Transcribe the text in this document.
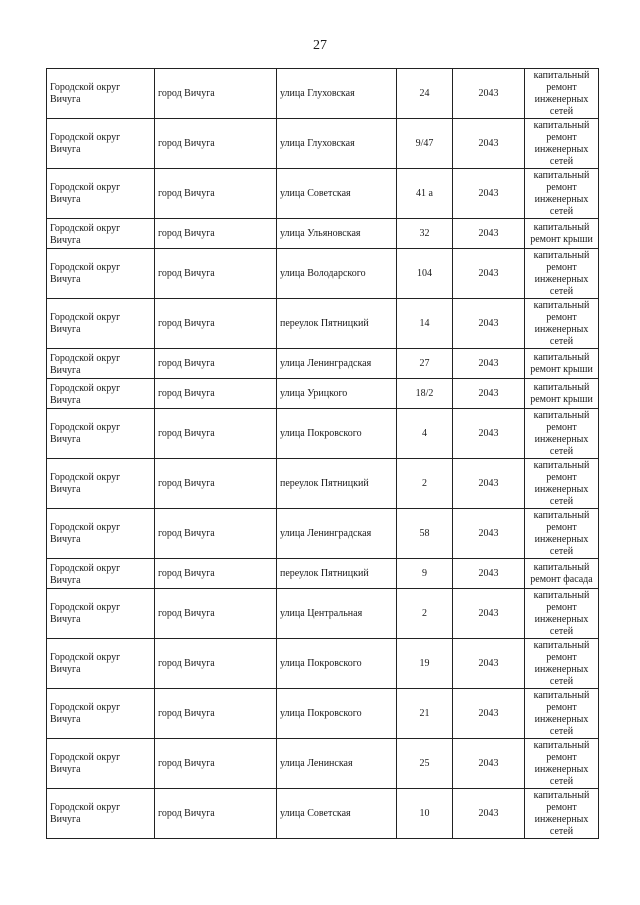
27
Городской округ Вичуга	город Вичуга	улица Глуховская	24	2043	капитальный ремонт инженерных сетей
Городской округ Вичуга	город Вичуга	улица Глуховская	9/47	2043	капитальный ремонт инженерных сетей
Городской округ Вичуга	город Вичуга	улица Советская	41 а	2043	капитальный ремонт инженерных сетей
Городской округ Вичуга	город Вичуга	улица Ульяновская	32	2043	капитальный ремонт крыши
Городской округ Вичуга	город Вичуга	улица Володарского	104	2043	капитальный ремонт инженерных сетей
Городской округ Вичуга	город Вичуга	переулок Пятницкий	14	2043	капитальный ремонт инженерных сетей
Городской округ Вичуга	город Вичуга	улица Ленинградская	27	2043	капитальный ремонт крыши
Городской округ Вичуга	город Вичуга	улица Урицкого	18/2	2043	капитальный ремонт крыши
Городской округ Вичуга	город Вичуга	улица Покровского	4	2043	капитальный ремонт инженерных сетей
Городской округ Вичуга	город Вичуга	переулок Пятницкий	2	2043	капитальный ремонт инженерных сетей
Городской округ Вичуга	город Вичуга	улица Ленинградская	58	2043	капитальный ремонт инженерных сетей
Городской округ Вичуга	город Вичуга	переулок Пятницкий	9	2043	капитальный ремонт фасада
Городской округ Вичуга	город Вичуга	улица Центральная	2	2043	капитальный ремонт инженерных сетей
Городской округ Вичуга	город Вичуга	улица Покровского	19	2043	капитальный ремонт инженерных сетей
Городской округ Вичуга	город Вичуга	улица Покровского	21	2043	капитальный ремонт инженерных сетей
Городской округ Вичуга	город Вичуга	улица Ленинская	25	2043	капитальный ремонт инженерных сетей
Городской округ Вичуга	город Вичуга	улица Советская	10	2043	капитальный ремонт инженерных сетей
